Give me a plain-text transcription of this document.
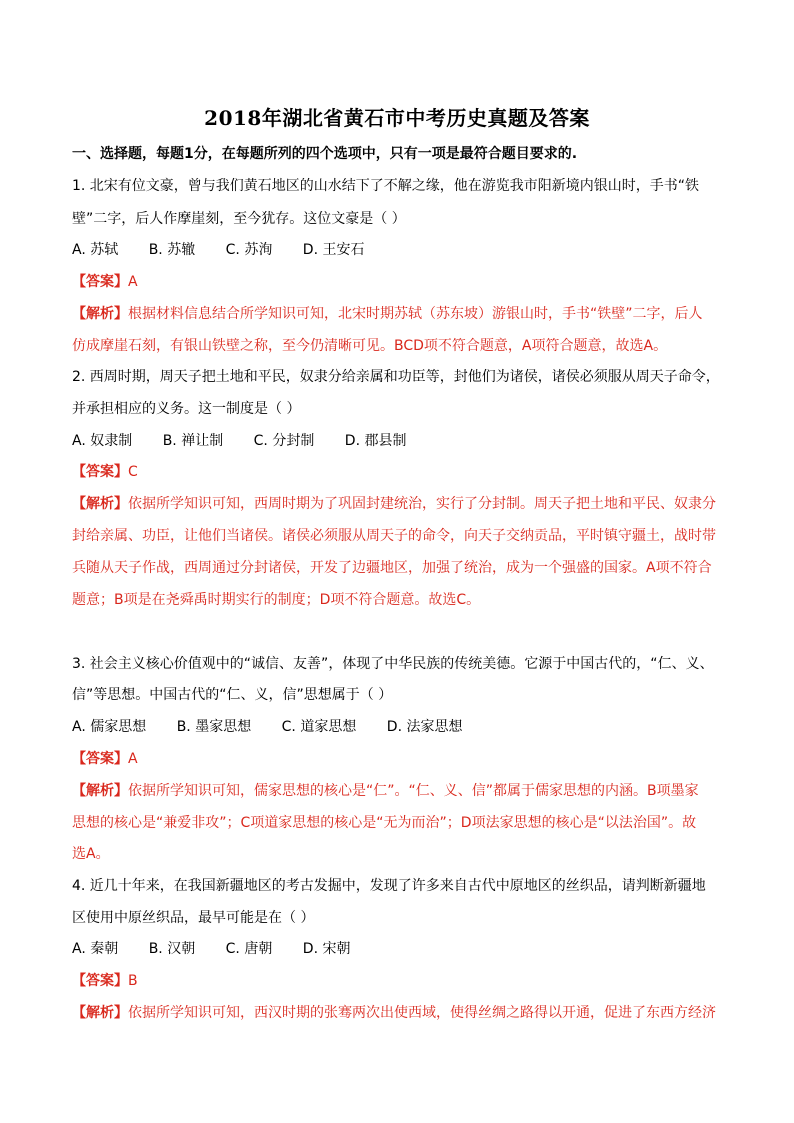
2018年湖北省黄石市中考历史真题及答案
一、选择题，每题1分，在每题所列的四个选项中，只有一项是最符合题目要求的.
1. 北宋有位文豪，曾与我们黄石地区的山水结下了不解之缘，他在游览我市阳新境内银山时，手书“铁
壁”二字，后人作摩崖刻，至今犹存。这位文豪是（ ）
A. 苏轼 B. 苏辙 C. 苏洵 D. 王安石
【答案】A
【解析】根据材料信息结合所学知识可知，北宋时期苏轼（苏东坡）游银山时，手书“铁壁”二字，后人
仿成摩崖石刻，有银山铁壁之称，至今仍清晰可见。BCD项不符合题意，A项符合题意，故选A。
2. 西周时期，周天子把土地和平民，奴隶分给亲属和功臣等，封他们为诸侯，诸侯必须服从周天子命令，
并承担相应的义务。这一制度是（ ）
A. 奴隶制 B. 禅让制 C. 分封制 D. 郡县制
【答案】C
【解析】依据所学知识可知，西周时期为了巩固封建统治，实行了分封制。周天子把土地和平民、奴隶分
封给亲属、功臣，让他们当诸侯。诸侯必须服从周天子的命令，向天子交纳贡品，平时镇守疆土，战时带
兵随从天子作战，西周通过分封诸侯，开发了边疆地区，加强了统治，成为一个强盛的国家。A项不符合
题意；B项是在尧舜禹时期实行的制度；D项不符合题意。故选C。
3. 社会主义核心价值观中的“诚信、友善”，体现了中华民族的传统美德。它源于中国古代的，“仁、义、
信”等思想。中国古代的“仁、义，信”思想属于（ ）
A. 儒家思想 B. 墨家思想 C. 道家思想 D. 法家思想
【答案】A
【解析】依据所学知识可知，儒家思想的核心是“仁”。“仁、义、信”都属于儒家思想的内涵。B项墨家
思想的核心是“兼爱非攻”；C项道家思想的核心是“无为而治”；D项法家思想的核心是“以法治国”。故
选A。
4. 近几十年来，在我国新疆地区的考古发掘中，发现了许多来自古代中原地区的丝织品，请判断新疆地
区使用中原丝织品，最早可能是在（ ）
A. 秦朝 B. 汉朝 C. 唐朝 D. 宋朝
【答案】B
【解析】依据所学知识可知，西汉时期的张骞两次出使西域，使得丝绸之路得以开通，促进了东西方经济
